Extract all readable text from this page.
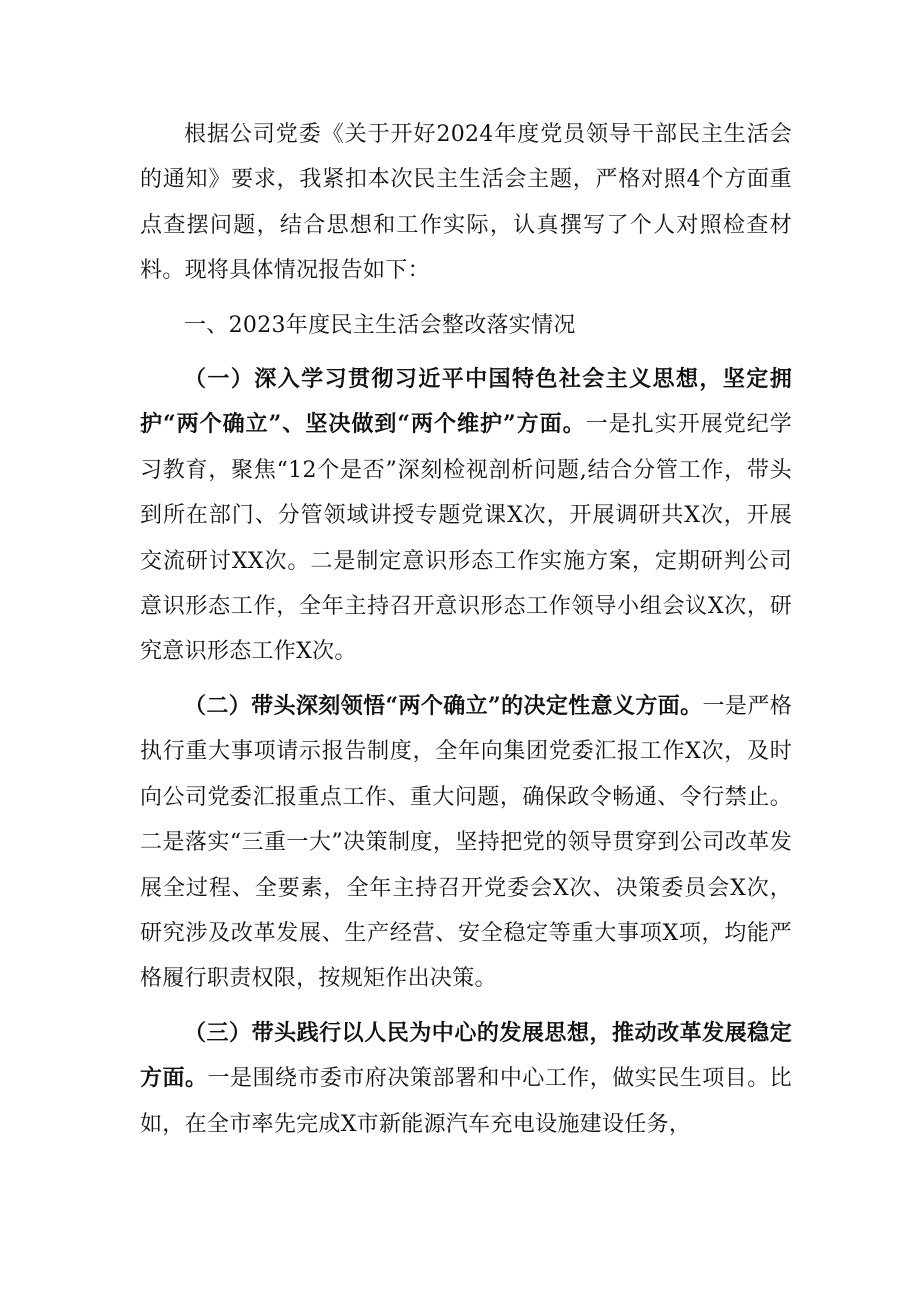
根据公司党委《关于开好2024年度党员领导干部民主生活会的通知》要求，我紧扣本次民主生活会主题，严格对照4个方面重点查摆问题，结合思想和工作实际，认真撰写了个人对照检查材料。现将具体情况报告如下：

一、2023年度民主生活会整改落实情况

（一）深入学习贯彻习近平中国特色社会主义思想，坚定拥护“两个确立”、坚决做到“两个维护”方面。一是扎实开展党纪学习教育，聚焦“12个是否”深刻检视剖析问题,结合分管工作，带头到所在部门、分管领域讲授专题党课X次，开展调研共X次，开展交流研讨XX次。二是制定意识形态工作实施方案，定期研判公司意识形态工作，全年主持召开意识形态工作领导小组会议X次，研究意识形态工作X次。

（二）带头深刻领悟“两个确立”的决定性意义方面。一是严格执行重大事项请示报告制度，全年向集团党委汇报工作X次，及时向公司党委汇报重点工作、重大问题，确保政令畅通、令行禁止。二是落实“三重一大”决策制度，坚持把党的领导贯穿到公司改革发展全过程、全要素，全年主持召开党委会X次、决策委员会X次，研究涉及改革发展、生产经营、安全稳定等重大事项X项，均能严格履行职责权限，按规矩作出决策。

（三）带头践行以人民为中心的发展思想，推动改革发展稳定方面。一是围绕市委市府决策部署和中心工作，做实民生项目。比如，在全市率先完成X市新能源汽车充电设施建设任务，
